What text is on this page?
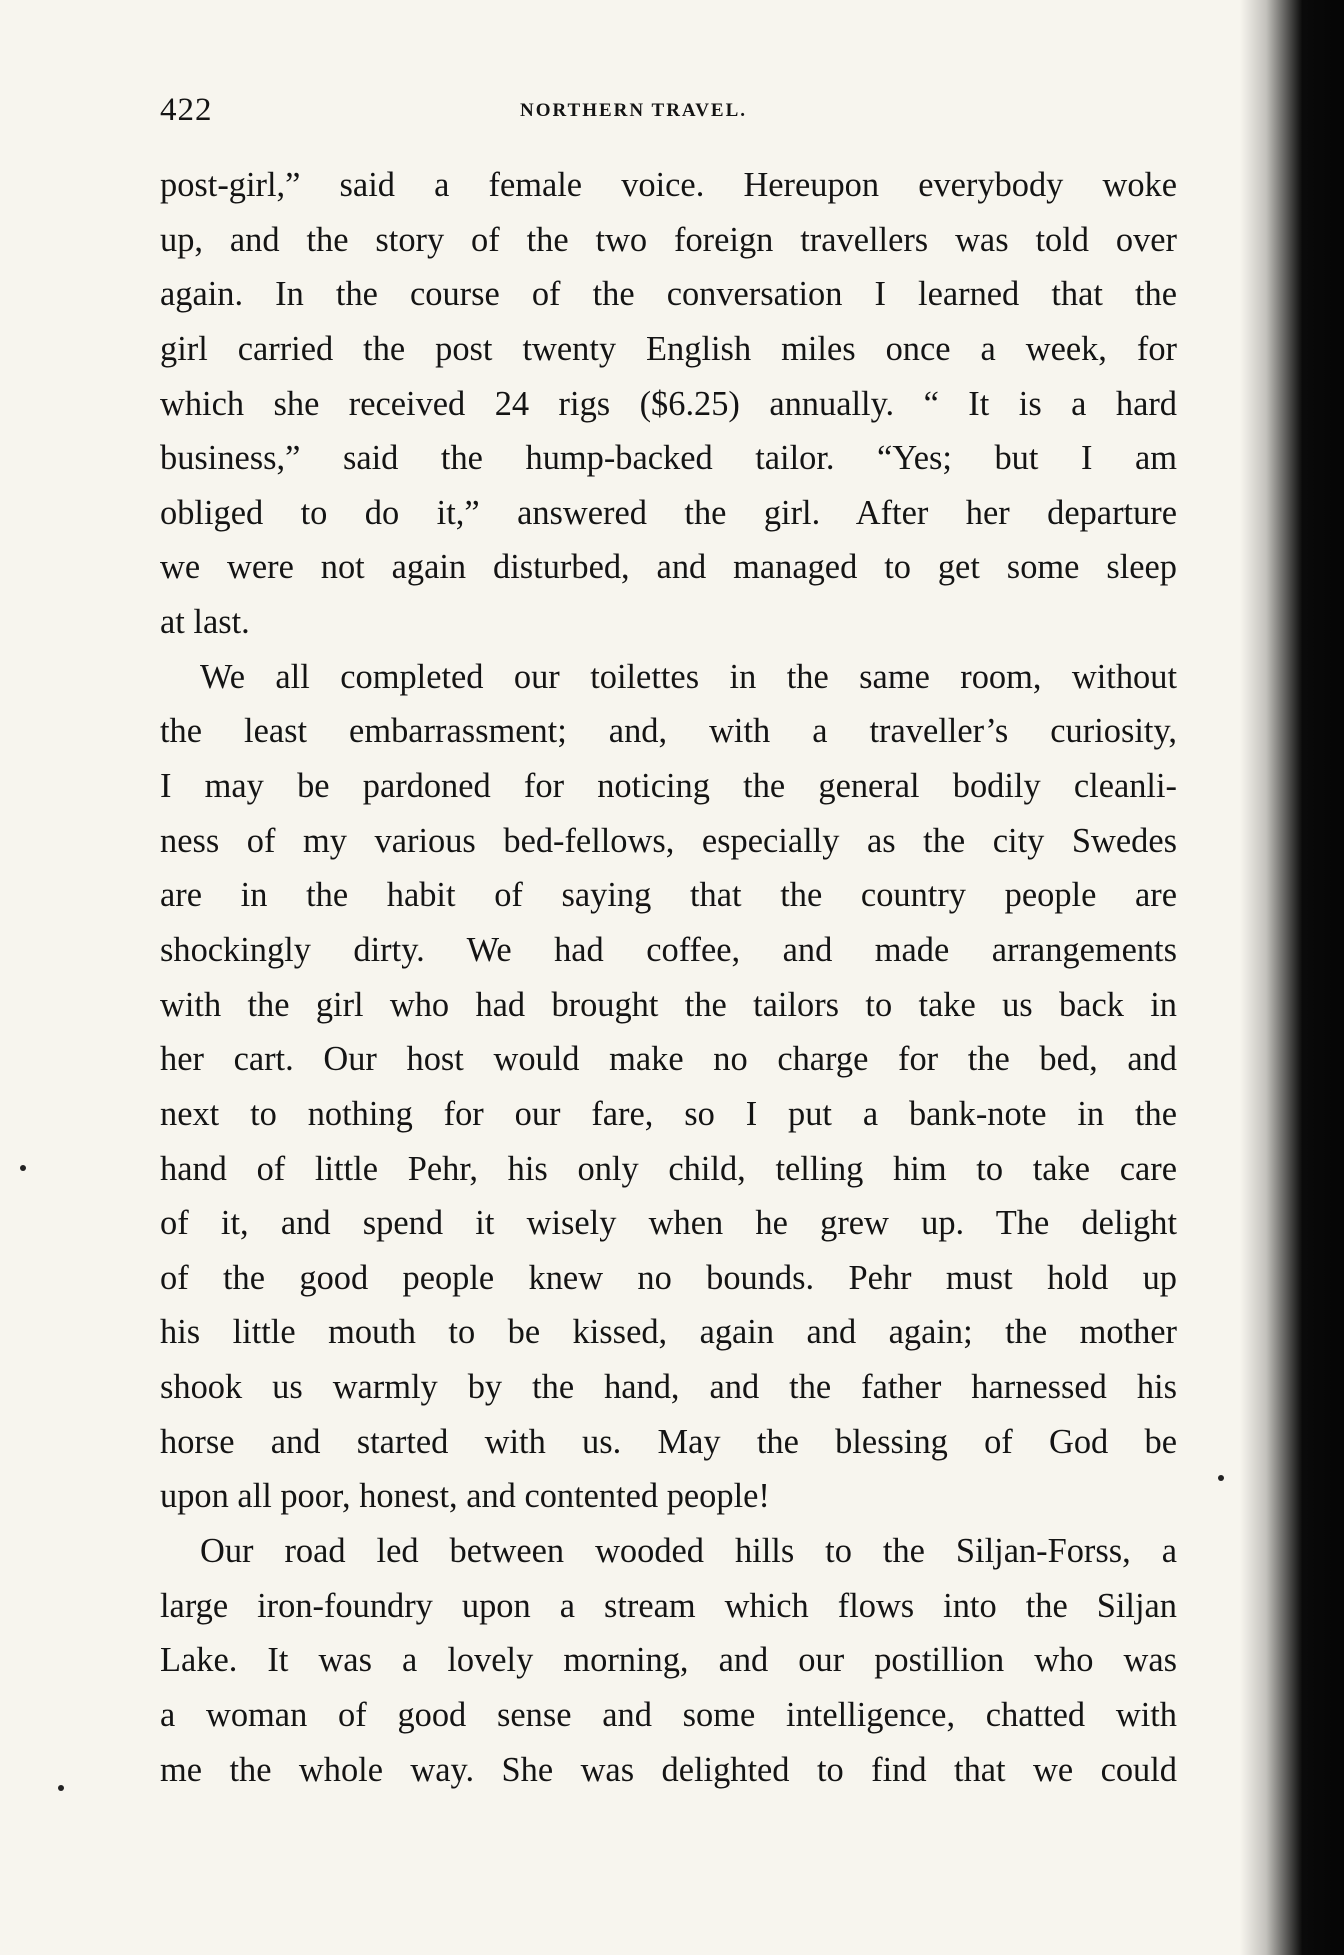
422	NORTHERN TRAVEL.
post-girl,” said a female voice. Hereupon everybody woke
up, and the story of the two foreign travellers was told over
again. In the course of the conversation I learned that the
girl carried the post twenty English miles once a week, for
which she received 24 rigs ($6.25) annually. “ It is a hard
business,” said the hump-backed tailor. “Yes; but I am
obliged to do it,” answered the girl. After her departure
we were not again disturbed, and managed to get some sleep
at last.
We all completed our toilettes in the same room, without
the least embarrassment; and, with a traveller’s curiosity,
I may be pardoned for noticing the general bodily cleanli-
ness of my various bed-fellows, especially as the city Swedes
are in the habit of saying that the country people are
shockingly dirty. We had coffee, and made arrangements
with the girl who had brought the tailors to take us back in
her cart. Our host would make no charge for the bed, and
next to nothing for our fare, so I put a bank-note in the
hand of little Pehr, his only child, telling him to take care
of it, and spend it wisely when he grew up. The delight
of the good people knew no bounds. Pehr must hold up
his little mouth to be kissed, again and again; the mother
shook us warmly by the hand, and the father harnessed his
horse and started with us. May the blessing of God be
upon all poor, honest, and contented people!
Our road led between wooded hills to the Siljan-Forss, a
large iron-foundry upon a stream which flows into the Siljan
Lake. It was a lovely morning, and our postillion who was
a woman of good sense and some intelligence, chatted with
me the whole way. She was delighted to find that we could
